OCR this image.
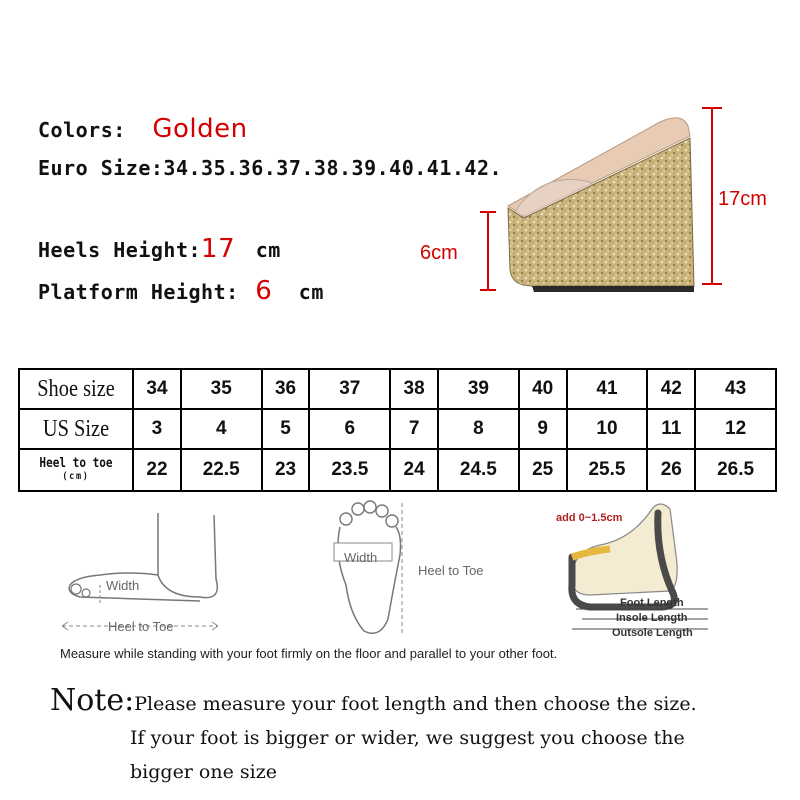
Colors: Golden
Euro Size:34.35.36.37.38.39.40.41.42.
Heels Height:17 cm
Platform Height: 6 cm
6cm
17cm
Shoe size	34	35	36	37	38	39	40	41	42	43
US Size	3	4	5	6	7	8	9	10	11	12
Heel to toe
(cm)	22	22.5	23	23.5	24	24.5	25	25.5	26	26.5
Width
Heel to Toe
Width
Heel to Toe
add 0~1.5cm
Foot Length
Insole Length
Outsole Length
Measure while standing with your foot firmly on the floor and parallel to your other foot.
Note:Please measure your foot length and then choose the size.
If your foot is bigger or wider, we suggest you choose the
bigger one size
